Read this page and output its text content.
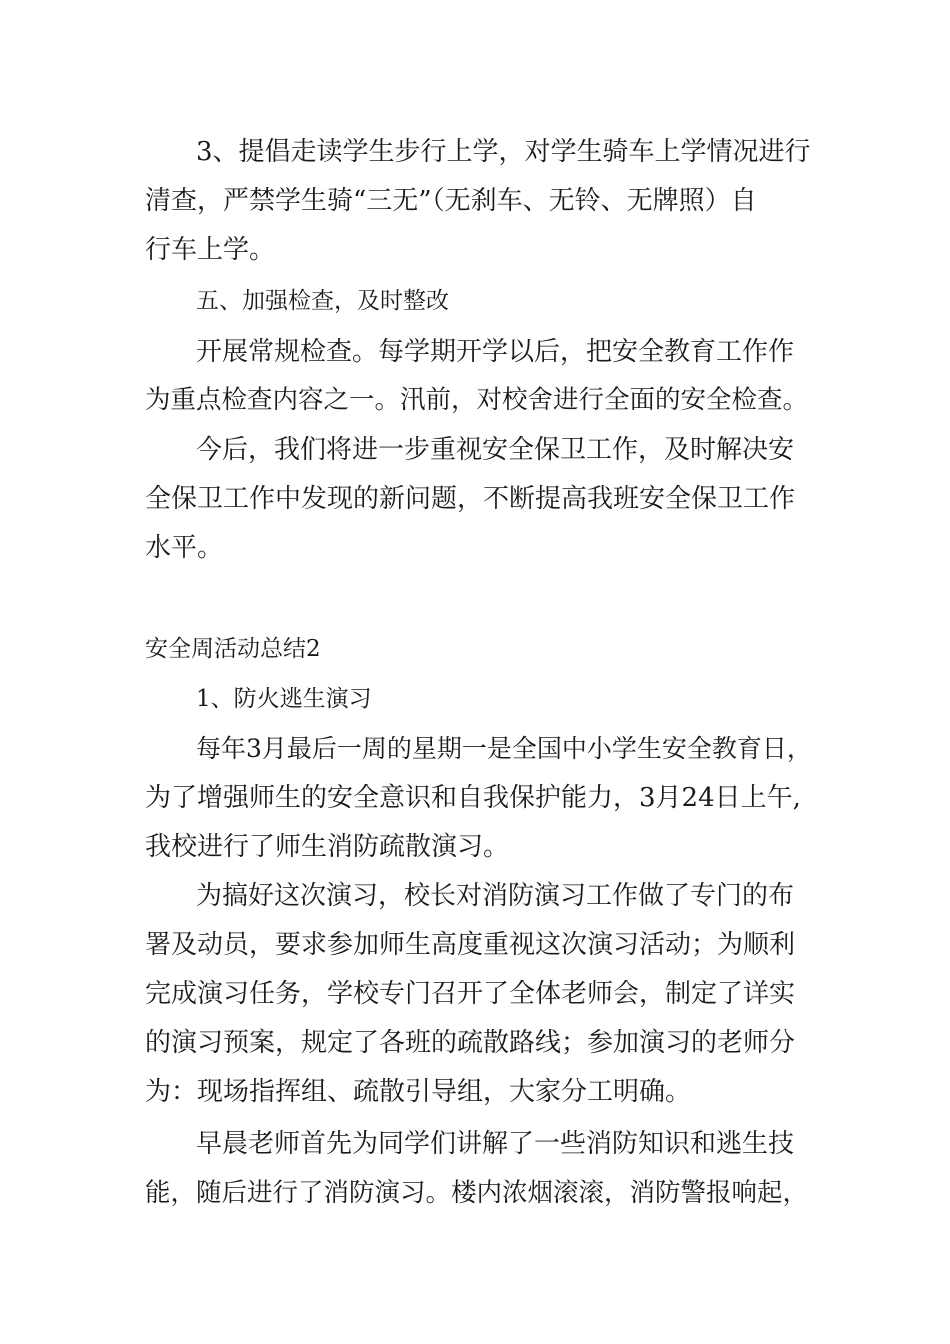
3、提倡走读学生步行上学，对学生骑车上学情况进行
清查，严禁学生骑“三无”（无刹车、无铃、无牌照）自
行车上学。
五、加强检查，及时整改
开展常规检查。每学期开学以后，把安全教育工作作
为重点检查内容之一。汛前，对校舍进行全面的安全检查。
今后，我们将进一步重视安全保卫工作，及时解决安
全保卫工作中发现的新问题，不断提高我班安全保卫工作
水平。
安全周活动总结2
1、防火逃生演习
每年3月最后一周的星期一是全国中小学生安全教育日，
为了增强师生的安全意识和自我保护能力，3月24日上午,
我校进行了师生消防疏散演习。
为搞好这次演习，校长对消防演习工作做了专门的布
署及动员，要求参加师生高度重视这次演习活动；为顺利
完成演习任务，学校专门召开了全体老师会，制定了详实
的演习预案，规定了各班的疏散路线；参加演习的老师分
为：现场指挥组、疏散引导组，大家分工明确。
早晨老师首先为同学们讲解了一些消防知识和逃生技
能，随后进行了消防演习。楼内浓烟滚滚，消防警报响起，
